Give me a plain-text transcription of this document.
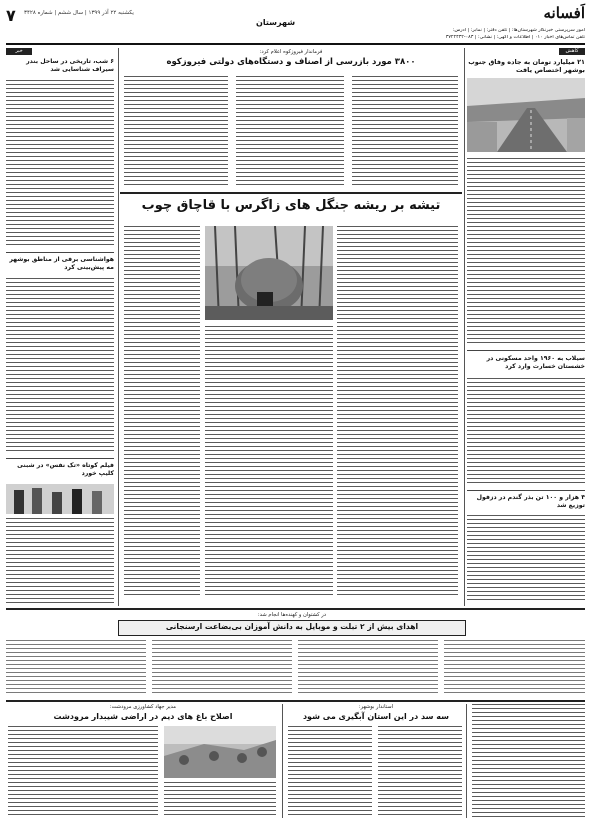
۷ یکشنبه ۲۲ آذر ۱۳۹۹ | سال ششم | شماره ۳۴۲۸
شهرستان
اَفسانه
امور سرپرستی خبرنگار شهرستان‌ها: | تلفن دفتر: | نمابر: | آدرس:
تلفن تماس‌های اخبار ۰۱۰ | اطلاعات و آگهی: | نشانی: | ۰۸۳-۳۷۲۲۴۳۲
کاهش
۲۱ میلیارد تومان به جاده وفاق جنوب بوشهر اختصاص یافت
سیلاب به ۱۹۶۰ واحد مسکونی در خشستان خسارت وارد کرد
۴ هزار و ۱۰۰ تن بذر گندم در دزفول توزیع شد
فرماندار فیروزکوه اعلام کرد:
۳۸۰۰ مورد بازرسی از اصناف و دستگاه‌های دولتی فیروزکوه
تیشه بر ریشه جنگل های زاگرس با قاچاق چوب
خبر
۶ شب، تاریخی در ساحل بندر سیراف شناسایی شد
هواشناسی برفی از مناطق بوشهر مه پیش‌بینی کرد
فیلم کوتاه «تک نفس» در شبنی کلیپ خورد
در کشتوان و کهنده‌ها انجام شد:
اهدای بیش از ۲ تبلت و موبایل به دانش آموزان بی‌بضاعت ارسنجانی
مدیر جهاد کشاورزی مرودشت:
اصلاح باغ های دیم در اراضی شیبدار مرودشت
استاندار بوشهر:
سه سد در این استان آبگیری می شود
